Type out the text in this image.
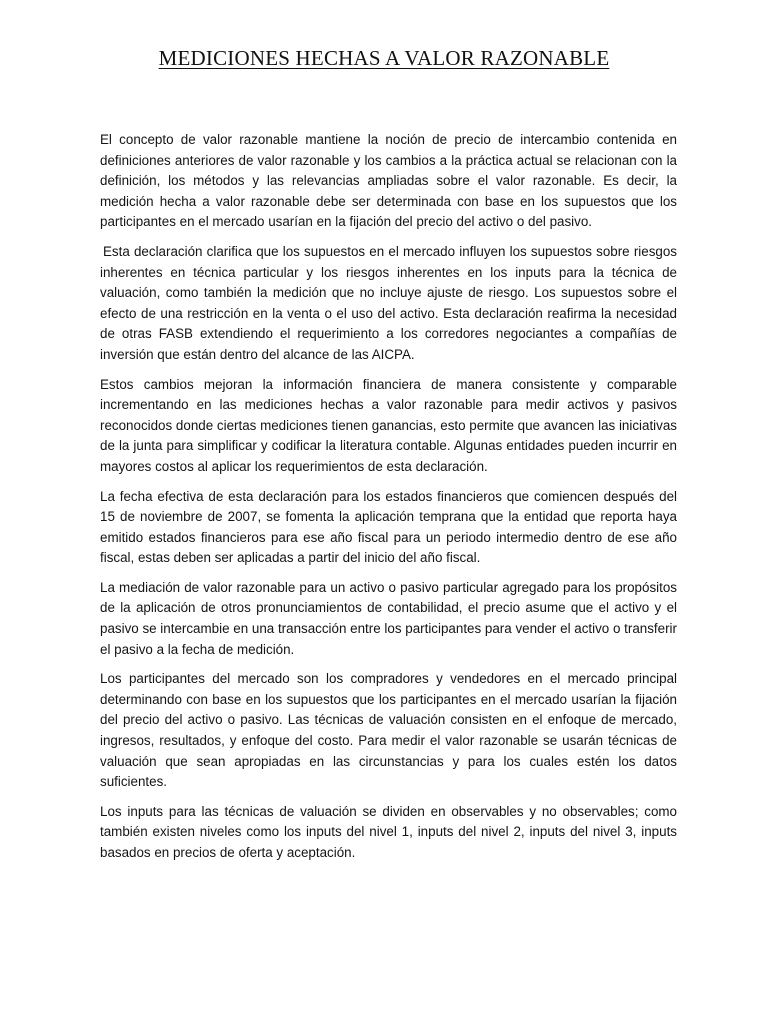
MEDICIONES HECHAS A VALOR RAZONABLE

El concepto de valor razonable mantiene la noción de precio de intercambio contenida en definiciones anteriores de valor razonable y los cambios a la práctica actual se relacionan con la definición, los métodos y las relevancias ampliadas sobre el valor razonable. Es decir, la medición hecha a valor razonable debe ser determinada con base en los supuestos que los participantes en el mercado usarían en la fijación del precio del activo o del pasivo.

Esta declaración clarifica que los supuestos en el mercado influyen los supuestos sobre riesgos inherentes en técnica particular y los riesgos inherentes en los inputs para la técnica de valuación, como también la medición que no incluye ajuste de riesgo. Los supuestos sobre el efecto de una restricción en la venta o el uso del activo. Esta declaración reafirma la necesidad de otras FASB extendiendo el requerimiento a los corredores negociantes a compañías de inversión que están dentro del alcance de las AICPA.

Estos cambios mejoran la información financiera de manera consistente y comparable incrementando en las mediciones hechas a valor razonable para medir activos y pasivos reconocidos donde ciertas mediciones tienen ganancias, esto permite que avancen las iniciativas de la junta para simplificar y codificar la literatura contable. Algunas entidades pueden incurrir en mayores costos al aplicar los requerimientos de esta declaración.

La fecha efectiva de esta declaración para los estados financieros que comiencen después del 15 de noviembre de 2007, se fomenta la aplicación temprana que la entidad que reporta haya emitido estados financieros para ese año fiscal para un periodo intermedio dentro de ese año fiscal, estas deben ser aplicadas a partir del inicio del año fiscal.

La mediación de valor razonable para un activo o pasivo particular agregado para los propósitos de la aplicación de otros pronunciamientos de contabilidad, el precio asume que el activo y el pasivo se intercambie en una transacción entre los participantes para vender el activo o transferir el pasivo a la fecha de medición.

Los participantes del mercado son los compradores y vendedores en el mercado principal determinando con base en los supuestos que los participantes en el mercado usarían la fijación del precio del activo o pasivo. Las técnicas de valuación consisten en el enfoque de mercado, ingresos, resultados, y enfoque del costo. Para medir el valor razonable se usarán técnicas de valuación que sean apropiadas en las circunstancias y para los cuales estén los datos suficientes.

Los inputs para las técnicas de valuación se dividen en observables y no observables; como también existen niveles como los inputs del nivel 1, inputs del nivel 2, inputs del nivel 3, inputs basados en precios de oferta y aceptación.
